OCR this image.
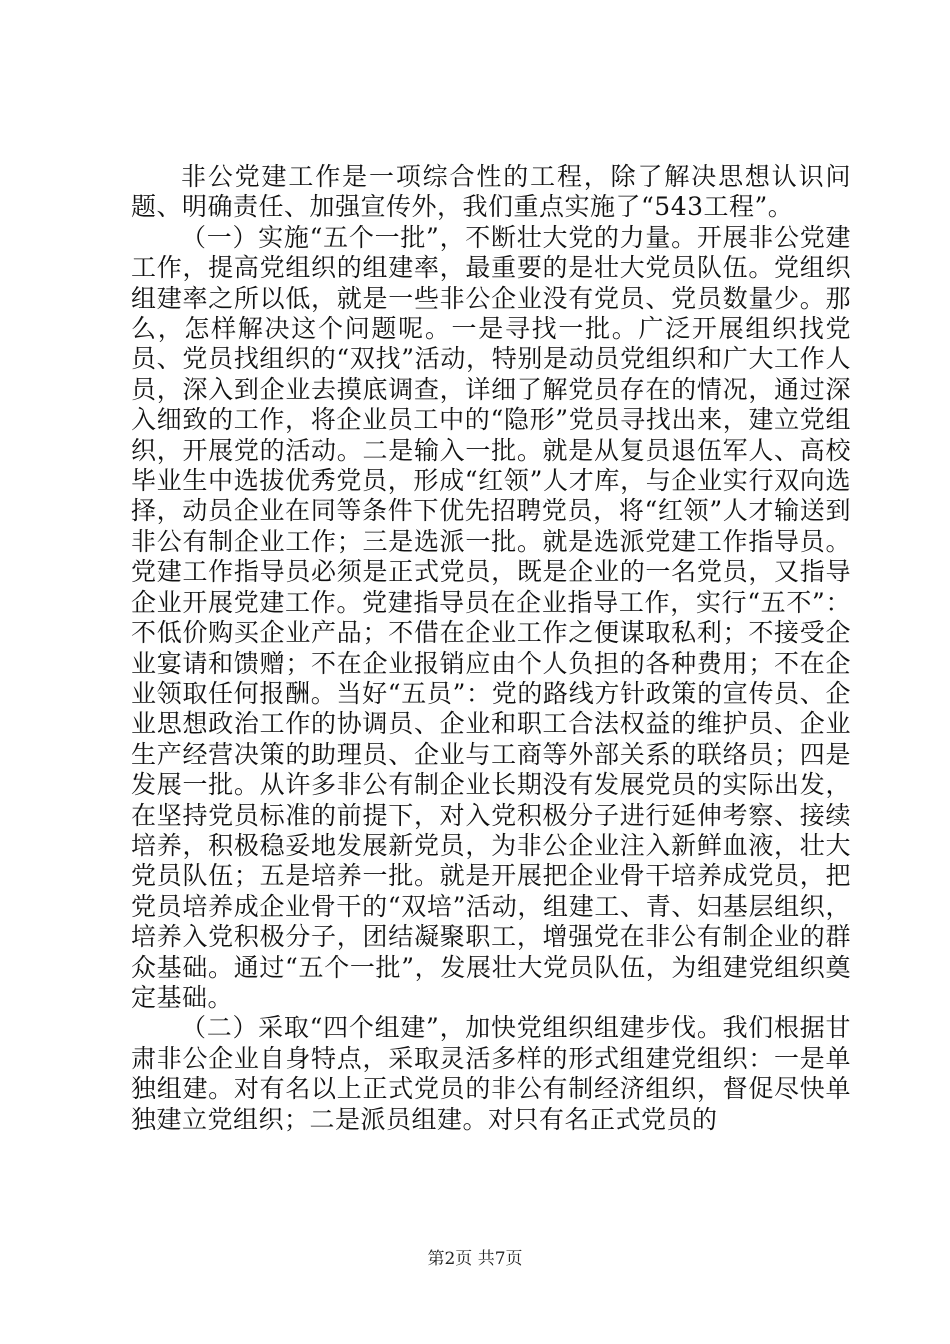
非公党建工作是一项综合性的工程，除了解决思想认识问题、明确责任、加强宣传外，我们重点实施了“543工程”。

（一）实施“五个一批”，不断壮大党的力量。开展非公党建工作，提高党组织的组建率，最重要的是壮大党员队伍。党组织组建率之所以低，就是一些非公企业没有党员、党员数量少。那么，怎样解决这个问题呢。一是寻找一批。广泛开展组织找党员、党员找组织的“双找”活动，特别是动员党组织和广大工作人员，深入到企业去摸底调查，详细了解党员存在的情况，通过深入细致的工作，将企业员工中的“隐形”党员寻找出来，建立党组织，开展党的活动。二是输入一批。就是从复员退伍军人、高校毕业生中选拔优秀党员，形成“红领”人才库，与企业实行双向选择，动员企业在同等条件下优先招聘党员，将“红领”人才输送到非公有制企业工作；三是选派一批。就是选派党建工作指导员。党建工作指导员必须是正式党员，既是企业的一名党员，又指导企业开展党建工作。党建指导员在企业指导工作，实行“五不”：不低价购买企业产品；不借在企业工作之便谋取私利；不接受企业宴请和馈赠；不在企业报销应由个人负担的各种费用；不在企业领取任何报酬。当好“五员”：党的路线方针政策的宣传员、企业思想政治工作的协调员、企业和职工合法权益的维护员、企业生产经营决策的助理员、企业与工商等外部关系的联络员；四是发展一批。从许多非公有制企业长期没有发展党员的实际出发，在坚持党员标准的前提下，对入党积极分子进行延伸考察、接续培养，积极稳妥地发展新党员，为非公企业注入新鲜血液，壮大党员队伍；五是培养一批。就是开展把企业骨干培养成党员，把党员培养成企业骨干的“双培”活动，组建工、青、妇基层组织，培养入党积极分子，团结凝聚职工，增强党在非公有制企业的群众基础。通过“五个一批”，发展壮大党员队伍，为组建党组织奠定基础。

（二）采取“四个组建”，加快党组织组建步伐。我们根据甘肃非公企业自身特点，采取灵活多样的形式组建党组织：一是单独组建。对有名以上正式党员的非公有制经济组织，督促尽快单独建立党组织；二是派员组建。对只有名正式党员的

第2页 共7页
